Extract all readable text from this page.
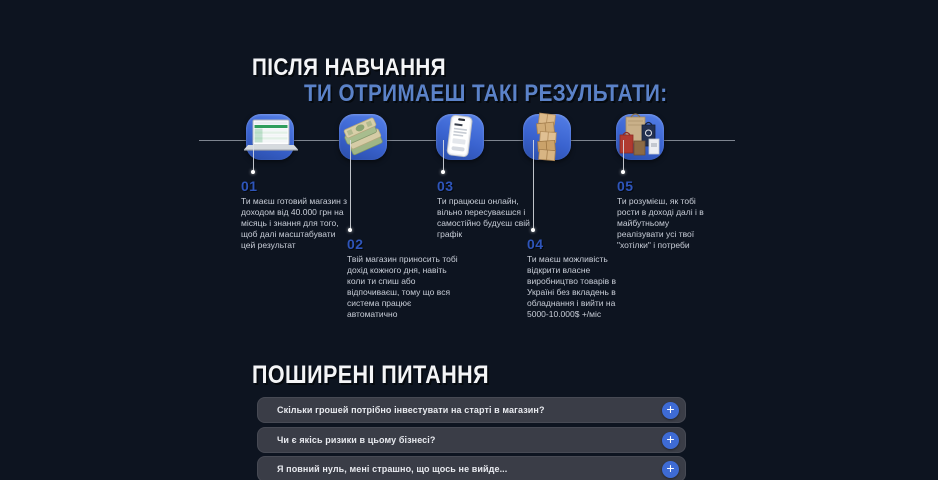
ПІСЛЯ НАВЧАННЯ
ТИ ОТРИМАЕШ ТАКІ РЕЗУЛЬТАТИ:
01
Ти маєш готовий магазин з доходом від 40.000 грн на місяць і знання для того, щоб далі масштабувати цей результат	02
Твій магазин приносить тобі дохід кожного дня, навіть коли ти спиш або відпочиваєш, тому що вся система працює автоматично
03
Ти працюєш онлайн, вільно пересуваєшся і самостійно будуєш свій графік
04
Ти маєш можливість відкрити власне виробництво товарів в Україні без вкладень в обладнання і вийти на 5000-10.000$ +/міс
05
Ти розумієш, як тобі рости в доході далі і в майбутньому реалізувати усі твої "хотілки" і потреби
ПОШИРЕНІ ПИТАННЯ
Скільки грошей потрібно інвестувати на старті в магазин?	+
Чи є якісь ризики в цьому бізнесі?	+
Я повний нуль, мені страшно, що щось не вийде...	+
